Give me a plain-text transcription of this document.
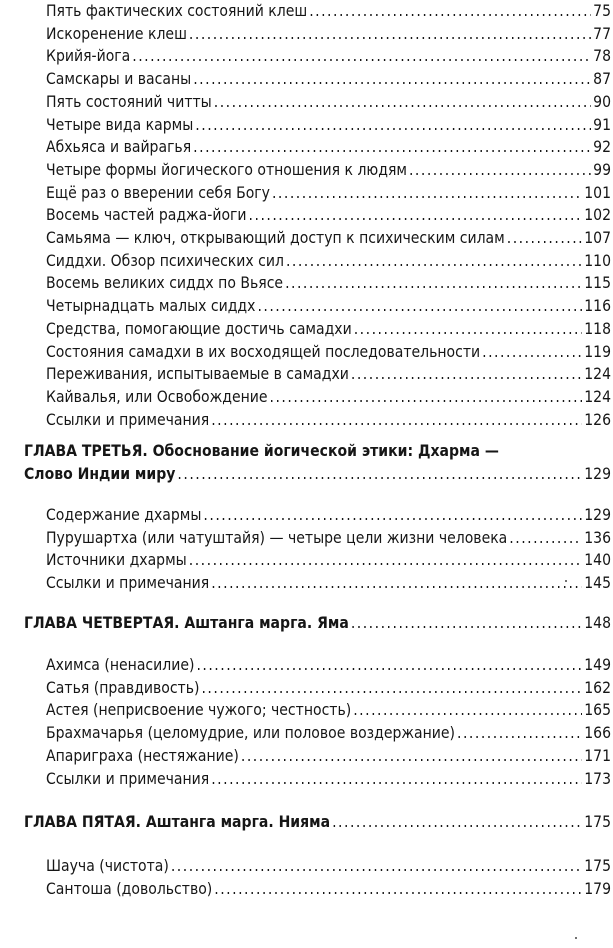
Пять фактических состояний клеш .....	75
Искоренение клеш .....	77
Крийя-йога .....	78
Самскары и васаны .....	87
Пять состояний читты .....	90
Четыре вида кармы .....	91
Абхьяса и вайрагья .....	92
Четыре формы йогического отношения к людям .....	99
Ещё раз о вверении себя Богу .....	101
Восемь частей раджа-йоги .....	102
Самьяма — ключ, открывающий доступ к психическим силам .....	107
Сиддхи. Обзор психических сил .....	110
Восемь великих сиддх по Вьясе .....	115
Четырнадцать малых сиддх .....	116
Средства, помогающие достичь самадхи .....	118
Состояния самадхи в их восходящей последовательности .....	119
Переживания, испытываемые в самадхи .....	124
Кайвалья, или Освобождение .....	124
Ссылки и примечания .....	126
ГЛАВА ТРЕТЬЯ. Обоснование йогической этики: Дхарма —
Слово Индии миру .....	129
Содержание дхармы .....	129
Пурушартха (или чатуштайя) — четыре цели жизни человека .....	136
Источники дхармы .....	140
Ссылки и примечания .....	145
ГЛАВА ЧЕТВЕРТАЯ. Аштанга марга. Яма .....	148
Ахимса (ненасилие) .....	149
Сатья (правдивость) .....	162
Астея (неприсвоение чужого; честность) .....	165
Брахмачарья (целомудрие, или половое воздержание) .....	166
Апариграха (нестяжание) .....	171
Ссылки и примечания .....	173
ГЛАВА ПЯТАЯ. Аштанга марга. Нияма .....	175
Шауча (чистота) .....	175
Сантоша (довольство) .....	179
